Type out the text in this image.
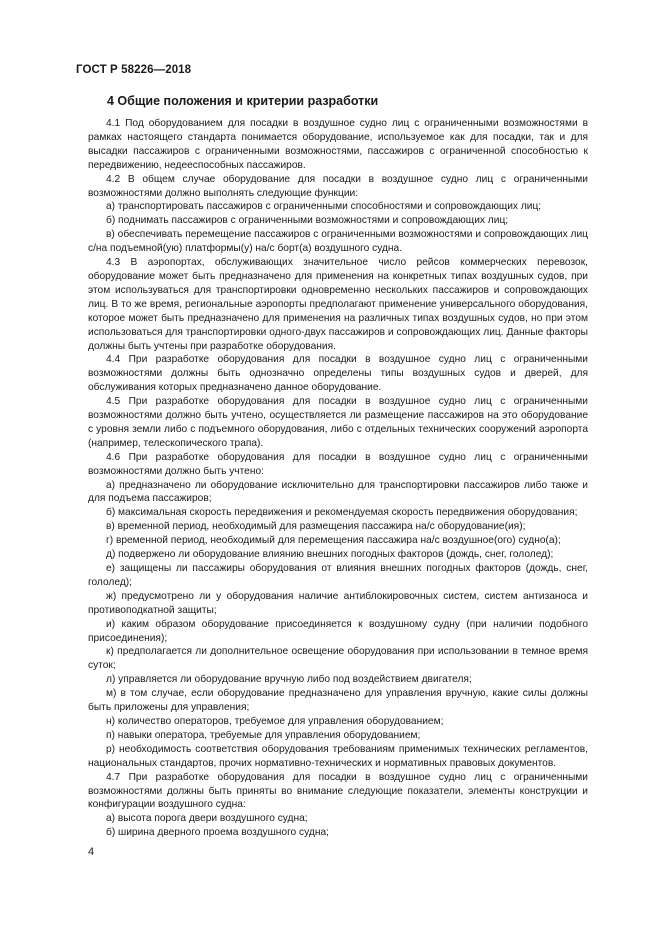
ГОСТ Р 58226—2018
4 Общие положения и критерии разработки

4.1 Под оборудованием для посадки в воздушное судно лиц с ограниченными возможностями в рамках настоящего стандарта понимается оборудование, используемое как для посадки, так и для высадки пассажиров с ограниченными возможностями, пассажиров с ограниченной способностью к передвижению, недееспособных пассажиров.

4.2 В общем случае оборудование для посадки в воздушное судно лиц с ограниченными возможностями должно выполнять следующие функции:

а) транспортировать пассажиров с ограниченными способностями и сопровождающих лиц;

б) поднимать пассажиров с ограниченными возможностями и сопровождающих лиц;

в) обеспечивать перемещение пассажиров с ограниченными возможностями и сопровождающих лиц с/на подъемной(ую) платформы(у) на/с борт(а) воздушного судна.

4.3 В аэропортах, обслуживающих значительное число рейсов коммерческих перевозок, оборудование может быть предназначено для применения на конкретных типах воздушных судов, при этом используваться для транспортировки одновременно нескольких пассажиров и сопровождающих лиц. В то же время, региональные аэропорты предполагают применение универсального оборудования, которое может быть предназначено для применения на различных типах воздушных судов, но при этом использоваться для транспортировки одного-двух пассажиров и сопровождающих лиц. Данные факторы должны быть учтены при разработке оборудования.

4.4 При разработке оборудования для посадки в воздушное судно лиц с ограниченными возможностями должны быть однозначно определены типы воздушных судов и дверей, для обслуживания которых предназначено данное оборудование.

4.5 При разработке оборудования для посадки в воздушное судно лиц с ограниченными возможностями должно быть учтено, осуществляется ли размещение пассажиров на это оборудование с уровня земли либо с подъемного оборудования, либо с отдельных технических сооружений аэропорта (например, телескопического трапа).

4.6 При разработке оборудования для посадки в воздушное судно лиц с ограниченными возможностями должно быть учтено:

а) предназначено ли оборудование исключительно для транспортировки пассажиров либо также и для подъема пассажиров;

б) максимальная скорость передвижения и рекомендуемая скорость передвижения оборудования;

в) временной период, необходимый для размещения пассажира на/с оборудование(ия);

г) временной период, необходимый для перемещения пассажира на/с воздушное(ого) судно(а);

д) подвержено ли оборудование влиянию внешних погодных факторов (дождь, снег, гололед);

е) защищены ли пассажиры оборудования от влияния внешних погодных факторов (дождь, снег, гололед);

ж) предусмотрено ли у оборудования наличие антиблокировочных систем, систем антизаноса и противоподкатной защиты;

и) каким образом оборудование присоединяется к воздушному судну (при наличии подобного присоединения);

к) предполагается ли дополнительное освещение оборудования при использовании в темное время суток;

л) управляется ли оборудование вручную либо под воздействием двигателя;

м) в том случае, если оборудование предназначено для управления вручную, какие силы должны быть приложены для управления;

н) количество операторов, требуемое для управления оборудованием;

п) навыки оператора, требуемые для управления оборудованием;

р) необходимость соответствия оборудования требованиям применимых технических регламентов, национальных стандартов, прочих нормативно-технических и нормативных правовых документов.

4.7 При разработке оборудования для посадки в воздушное судно лиц с ограниченными возможностями должны быть приняты во внимание следующие показатели, элементы конструкции и конфигурации воздушного судна:

а) высота порога двери воздушного судна;

б) ширина дверного проема воздушного судна;

4
